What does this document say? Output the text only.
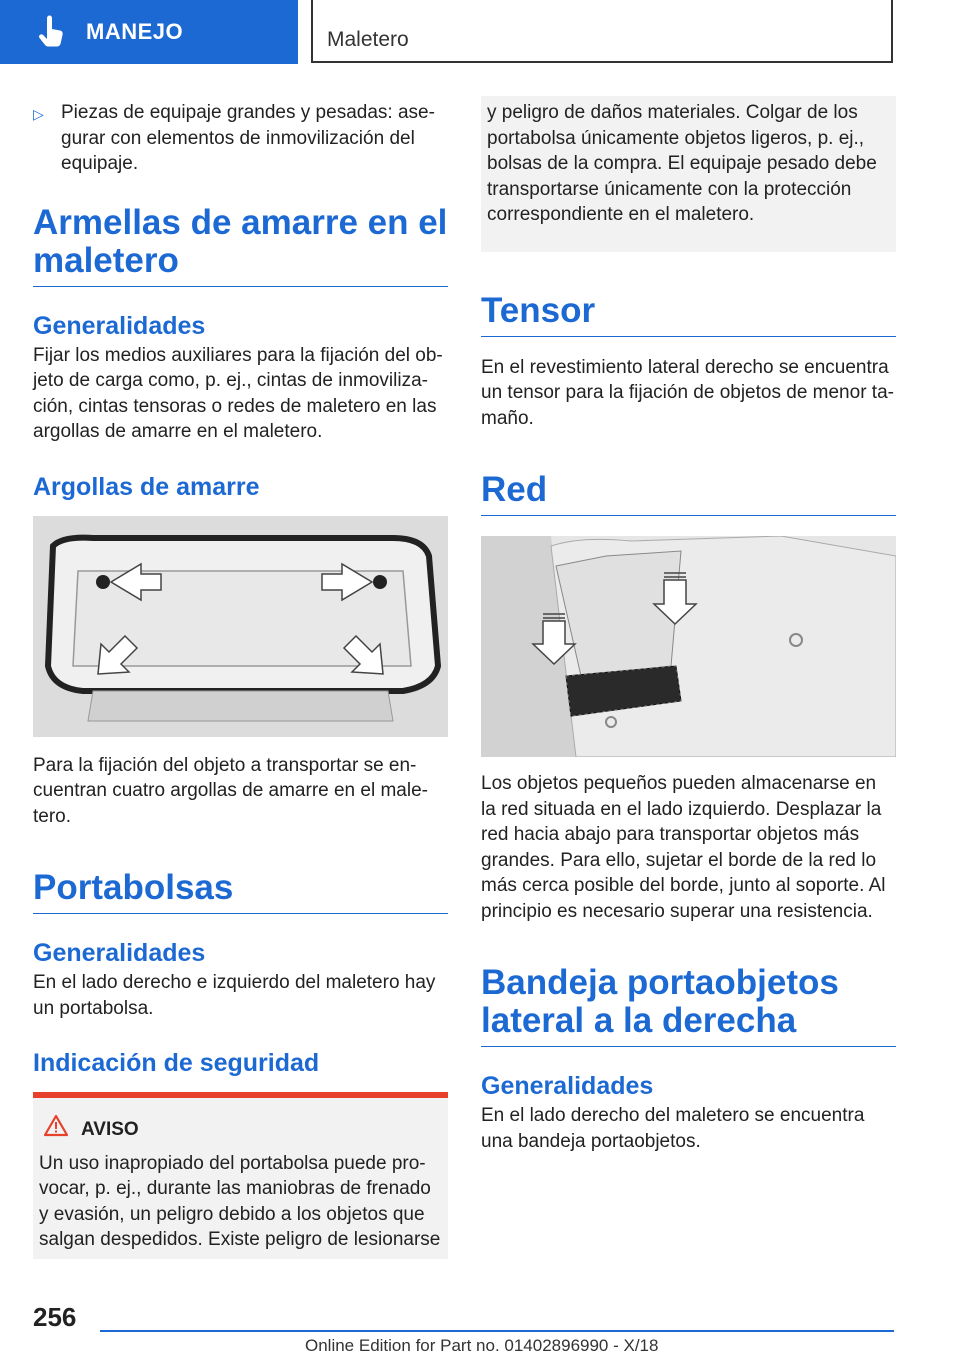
MANEJO	Maletero
▷ Piezas de equipaje grandes y pesadas: ase-gurar con elementos de inmovilización del equipaje.

Armellas de amarre en el maletero
Generalidades

Fijar los medios auxiliares para la fijación del ob-jeto de carga como, p. ej., cintas de inmoviliza-ción, cintas tensoras o redes de maletero en las argollas de amarre en el maletero.

Argollas de amarre

Para la fijación del objeto a transportar se en-cuentran cuatro argollas de amarre en el male-tero.

Portabolsas
Generalidades

En el lado derecho e izquierdo del maletero hay un portabolsa.

Indicación de seguridad
AVISO

Un uso inapropiado del portabolsa puede pro-vocar, p. ej., durante las maniobras de frenado y evasión, un peligro debido a los objetos que salgan despedidos. Existe peligro de lesionarse

y peligro de daños materiales. Colgar de los portabolsa únicamente objetos ligeros, p. ej., bolsas de la compra. El equipaje pesado debe transportarse únicamente con la protección correspondiente en el maletero.

Tensor

En el revestimiento lateral derecho se encuentra un tensor para la fijación de objetos de menor ta-maño.

Red

Los objetos pequeños pueden almacenarse en la red situada en el lado izquierdo. Desplazar la red hacia abajo para transportar objetos más grandes. Para ello, sujetar el borde de la red lo más cerca posible del borde, junto al soporte. Al principio es necesario superar una resistencia.

Bandeja portaobjetos lateral a la derecha
Generalidades

En el lado derecho del maletero se encuentra una bandeja portaobjetos.

256
Online Edition for Part no. 01402896990 - X/18
